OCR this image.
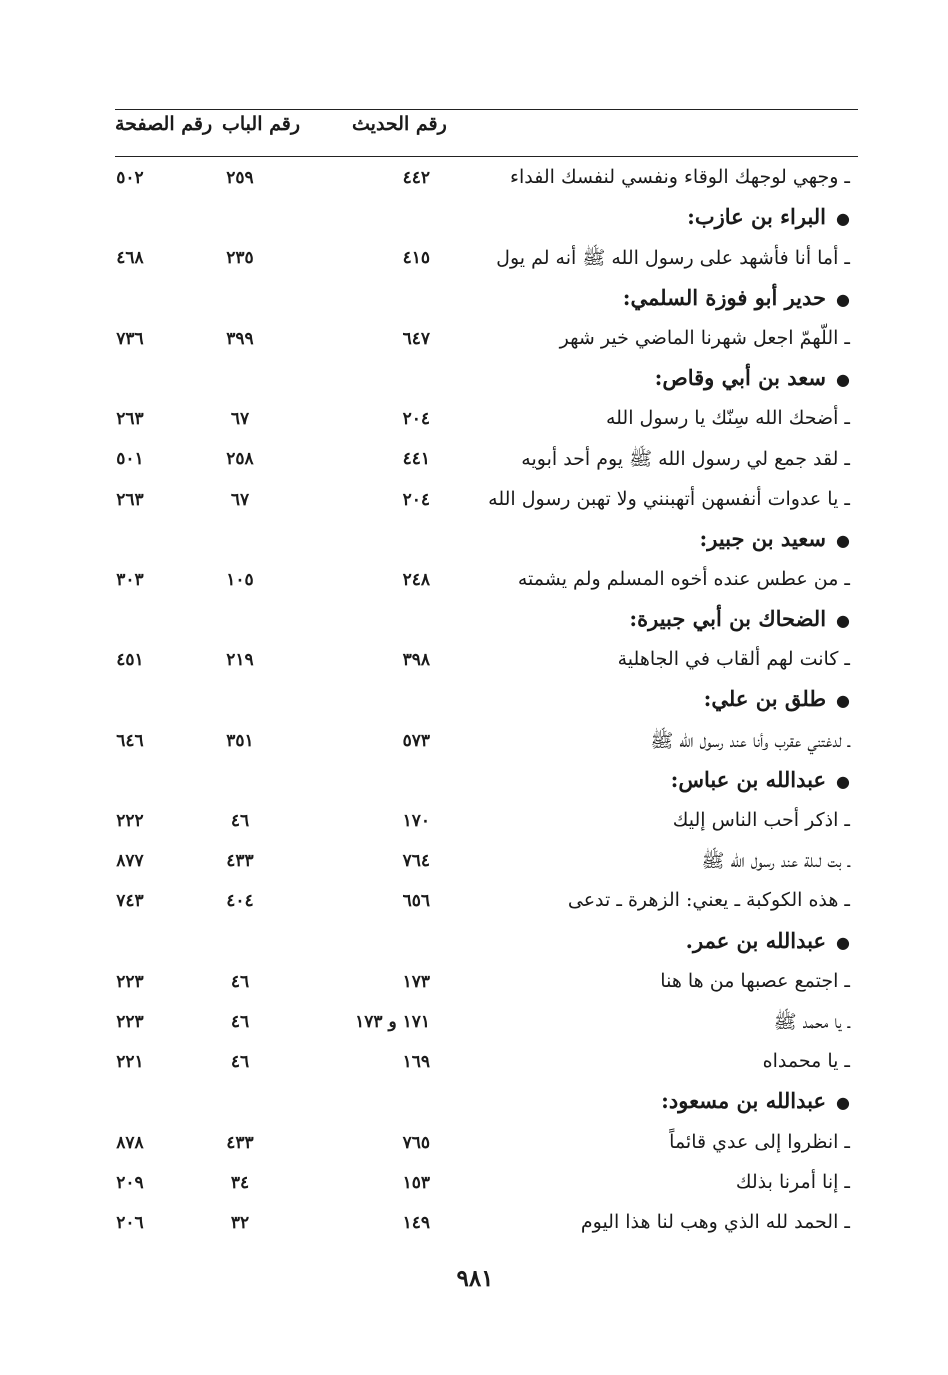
رقم الحديث
رقم الباب
رقم الصفحة
ـ وجهي لوجهك الوقاء ونفسي لنفسك الفداء
٤٤٢
٢٥٩
٥٠٢
●البراء بن عازب:
ـ أما أنا فأشهد على رسول الله ﷺ أنه لم يول
٤١٥
٢٣٥
٤٦٨
●حدير أبو فوزة السلمي:
ـ اللّهمّ اجعل شهرنا الماضي خير شهر
٦٤٧
٣٩٩
٧٣٦
●سعد بن أبي وقاص:
ـ أضحك الله سِنّك يا رسول الله
٢٠٤
٦٧
٢٦٣
ـ لقد جمع لي رسول الله ﷺ يوم أحد أبويه
٤٤١
٢٥٨
٥٠١
ـ يا عدوات أنفسهن أتهبنني ولا تهبن رسول الله
٢٠٤
٦٧
٢٦٣
●سعيد بن جبير:
ـ من عطس عنده أخوه المسلم ولم يشمته
٢٤٨
١٠٥
٣٠٣
●الضحاك بن أبي جبيرة:
ـ كانت لهم ألقاب في الجاهلية
٣٩٨
٢١٩
٤٥١
●طلق بن علي:
ـ لدغتني عقرب وأنا عند رسول الله ﷺ
٥٧٣
٣٥١
٦٤٦
●عبدالله بن عباس:
ـ اذكر أحب الناس إليك
١٧٠
٤٦
٢٢٢
ـ بت لىلة عند رسول الله ﷺ
٧٦٤
٤٣٣
٨٧٧
ـ هذه الكوكبة ـ يعني: الزهرة ـ تدعى
٦٥٦
٤٠٤
٧٤٣
●عبدالله بن عمر.
ـ اجتمع عصبها من ها هنا
١٧٣
٤٦
٢٢٣
ـ يا محمد ﷺ
١٧١ و ١٧٣
٤٦
٢٢٣
ـ يا محمداه
١٦٩
٤٦
٢٢١
●عبدالله بن مسعود:
ـ انظروا إلى عدي قائماً
٧٦٥
٤٣٣
٨٧٨
ـ إنا أمرنا بذلك
١٥٣
٣٤
٢٠٩
ـ الحمد لله الذي وهب لنا هذا اليوم
١٤٩
٣٢
٢٠٦
٩٨١
